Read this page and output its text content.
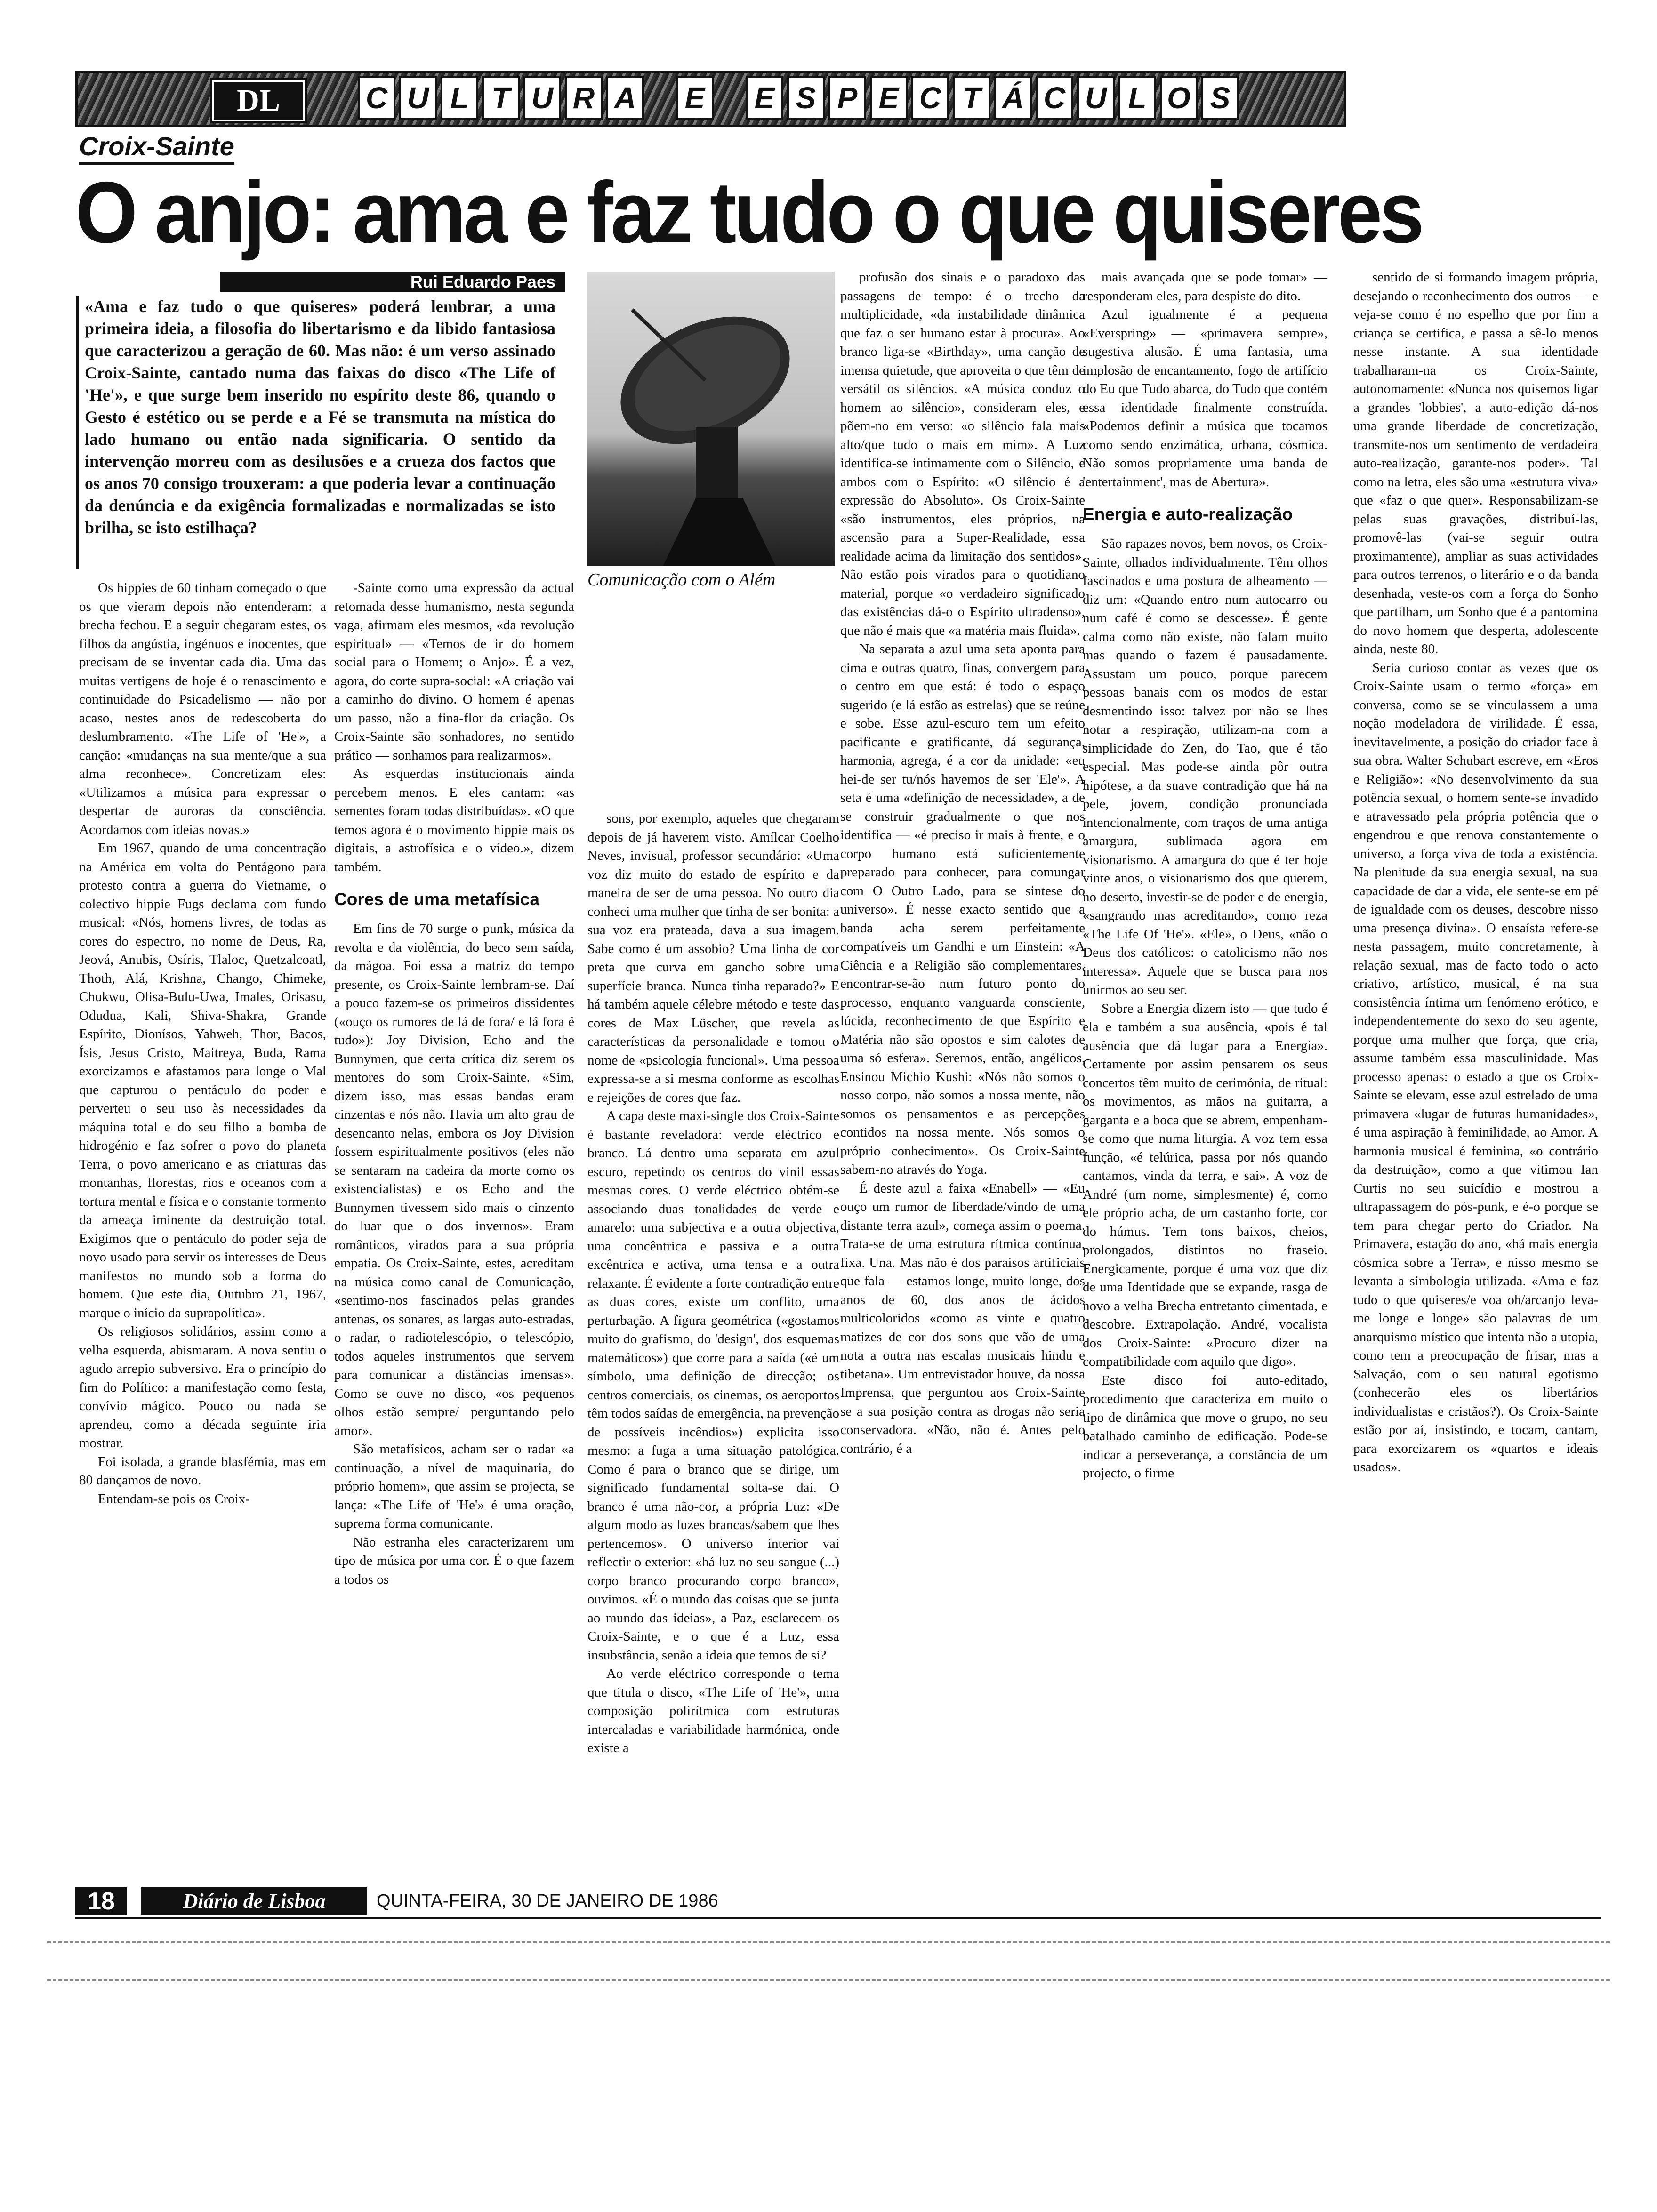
DL	C U L T U R A E E S P E C T Á C U L O S
Croix-Sainte
O anjo: ama e faz tudo o que quiseres
Rui Eduardo Paes
«Ama e faz tudo o que quiseres» poderá lembrar, a uma primeira ideia, a filosofia do libertarismo e da libido fantasiosa que caracterizou a geração de 60. Mas não: é um verso assinado Croix-Sainte, cantado numa das faixas do disco «The Life of 'He'», e que surge bem inserido no espírito deste 86, quando o Gesto é estético ou se perde e a Fé se transmuta na mística do lado humano ou então nada significaria. O sentido da intervenção morreu com as desilusões e a crueza dos factos que os anos 70 consigo trouxeram: a que poderia levar a continuação da denúncia e da exigência formalizadas e normalizadas se isto brilha, se isto estilhaça?
Comunicação com o Além

Os hippies de 60 tinham começado o que os que vieram depois não entenderam: a brecha fechou. E a seguir chegaram estes, os filhos da angústia, ingénuos e inocentes, que precisam de se inventar cada dia. Uma das muitas vertigens de hoje é o renascimento e continuidade do Psicadelismo — não por acaso, nestes anos de redescoberta do deslumbramento. «The Life of 'He'», a canção: «mudanças na sua mente/que a sua alma reconhece». Concretizam eles: «Utilizamos a música para expressar o despertar de auroras da consciência. Acordamos com ideias novas.»

Em 1967, quando de uma concentração na América em volta do Pentágono para protesto contra a guerra do Vietname, o colectivo hippie Fugs declama com fundo musical: «Nós, homens livres, de todas as cores do espectro, no nome de Deus, Ra, Jeová, Anubis, Osíris, Tlaloc, Quetzalcoatl, Thoth, Alá, Krishna, Chango, Chimeke, Chukwu, Olisa-Bulu-Uwa, Imales, Orisasu, Odudua, Kali, Shiva-Shakra, Grande Espírito, Dionísos, Yahweh, Thor, Bacos, Ísis, Jesus Cristo, Maitreya, Buda, Rama exorcizamos e afastamos para longe o Mal que capturou o pentáculo do poder e perverteu o seu uso às necessidades da máquina total e do seu filho a bomba de hidrogénio e faz sofrer o povo do planeta Terra, o povo americano e as criaturas das montanhas, florestas, rios e oceanos com a tortura mental e física e o constante tormento da ameaça iminente da destruição total. Exigimos que o pentáculo do poder seja de novo usado para servir os interesses de Deus manifestos no mundo sob a forma do homem. Que este dia, Outubro 21, 1967, marque o início da suprapolítica».

Os religiosos solidários, assim como a velha esquerda, abismaram. A nova sentiu o agudo arrepio subversivo. Era o princípio do fim do Político: a manifestação como festa, convívio mágico. Pouco ou nada se aprendeu, como a década seguinte iria mostrar.

Foi isolada, a grande blasfémia, mas em 80 dançamos de novo.

Entendam-se pois os Croix-

-Sainte como uma expressão da actual retomada desse humanismo, nesta segunda vaga, afirmam eles mesmos, «da revolução espiritual» — «Temos de ir do homem social para o Homem; o Anjo». É a vez, agora, do corte supra-social: «A criação vai a caminho do divino. O homem é apenas um passo, não a fina-flor da criação. Os Croix-Sainte são sonhadores, no sentido prático — sonhamos para realizarmos».

As esquerdas institucionais ainda percebem menos. E eles cantam: «as sementes foram todas distribuídas». «O que temos agora é o movimento hippie mais os digitais, a astrofísica e o vídeo.», dizem também.

Cores de uma metafísica

Em fins de 70 surge o punk, música da revolta e da violência, do beco sem saída, da mágoa. Foi essa a matriz do tempo presente, os Croix-Sainte lembram-se. Daí a pouco fazem-se os primeiros dissidentes («ouço os rumores de lá de fora/ e lá fora é tudo»): Joy Division, Echo and the Bunnymen, que certa crítica diz serem os mentores do som Croix-Sainte. «Sim, dizem isso, mas essas bandas eram cinzentas e nós não. Havia um alto grau de desencanto nelas, embora os Joy Division fossem espiritualmente positivos (eles não se sentaram na cadeira da morte como os existencialistas) e os Echo and the Bunnymen tivessem sido mais o cinzento do luar que o dos invernos». Eram românticos, virados para a sua própria empatia. Os Croix-Sainte, estes, acreditam na música como canal de Comunicação, «sentimo-nos fascinados pelas grandes antenas, os sonares, as largas auto-estradas, o radar, o radiotelescópio, o telescópio, todos aqueles instrumentos que servem para comunicar a distâncias imensas». Como se ouve no disco, «os pequenos olhos estão sempre/ perguntando pelo amor».

São metafísicos, acham ser o radar «a continuação, a nível de maquinaria, do próprio homem», que assim se projecta, se lança: «The Life of 'He'» é uma oração, suprema forma comunicante.

Não estranha eles caracterizarem um tipo de música por uma cor. É o que fazem a todos os

sons, por exemplo, aqueles que chegaram depois de já haverem visto. Amílcar Coelho Neves, invisual, professor secundário: «Uma voz diz muito do estado de espírito e da maneira de ser de uma pessoa. No outro dia conheci uma mulher que tinha de ser bonita: a sua voz era prateada, dava a sua imagem. Sabe como é um assobio? Uma linha de cor preta que curva em gancho sobre uma superfície branca. Nunca tinha reparado?» E há também aquele célebre método e teste das cores de Max Lüscher, que revela as características da personalidade e tomou o nome de «psicologia funcional». Uma pessoa expressa-se a si mesma conforme as escolhas e rejeições de cores que faz.

A capa deste maxi-single dos Croix-Sainte é bastante reveladora: verde eléctrico e branco. Lá dentro uma separata em azul escuro, repetindo os centros do vinil essas mesmas cores. O verde eléctrico obtém-se associando duas tonalidades de verde e amarelo: uma subjectiva e a outra objectiva, uma concêntrica e passiva e a outra excêntrica e activa, uma tensa e a outra relaxante. É evidente a forte contradição entre as duas cores, existe um conflito, uma perturbação. A figura geométrica («gostamos muito do grafismo, do 'design', dos esquemas matemáticos») que corre para a saída («é um símbolo, uma definição de direcção; os centros comerciais, os cinemas, os aeroportos têm todos saídas de emergência, na prevenção de possíveis incêndios») explicita isso mesmo: a fuga a uma situação patológica. Como é para o branco que se dirige, um significado fundamental solta-se daí. O branco é uma não-cor, a própria Luz: «De algum modo as luzes brancas/sabem que lhes pertencemos». O universo interior vai reflectir o exterior: «há luz no seu sangue (...) corpo branco procurando corpo branco», ouvimos. «É o mundo das coisas que se junta ao mundo das ideias», a Paz, esclarecem os Croix-Sainte, e o que é a Luz, essa insubstância, senão a ideia que temos de si?

Ao verde eléctrico corresponde o tema que titula o disco, «The Life of 'He'», uma composição polirítmica com estruturas intercaladas e variabilidade harmónica, onde existe a

profusão dos sinais e o paradoxo das passagens de tempo: é o trecho da multiplicidade, «da instabilidade dinâmica que faz o ser humano estar à procura». Ao branco liga-se «Birthday», uma canção de imensa quietude, que aproveita o que têm de versátil os silêncios. «A música conduz o homem ao silêncio», consideram eles, e põem-no em verso: «o silêncio fala mais alto/que tudo o mais em mim». A Luz identifica-se intimamente com o Silêncio, e ambos com o Espírito: «O silêncio é a expressão do Absoluto». Os Croix-Sainte «são instrumentos, eles próprios, na ascensão para a Super-Realidade, essa realidade acima da limitação dos sentidos». Não estão pois virados para o quotidiano material, porque «o verdadeiro significado das existências dá-o o Espírito ultradenso», que não é mais que «a matéria mais fluida».

Na separata a azul uma seta aponta para cima e outras quatro, finas, convergem para o centro em que está: é todo o espaço sugerido (e lá estão as estrelas) que se reúne e sobe. Esse azul-escuro tem um efeito pacificante e gratificante, dá segurança, harmonia, agrega, é a cor da unidade: «eu hei-de ser tu/nós havemos de ser 'Ele'». A seta é uma «definição de necessidade», a de se construir gradualmente o que nos identifica — «é preciso ir mais à frente, e o corpo humano está suficientemente preparado para conhecer, para comungar com O Outro Lado, para se sintese do universo». É nesse exacto sentido que a banda acha serem perfeitamente compatíveis um Gandhi e um Einstein: «A Ciência e a Religião são complementares, encontrar-se-ão num futuro ponto do processo, enquanto vanguarda consciente, lúcida, reconhecimento de que Espírito e Matéria não são opostos e sim calotes de uma só esfera». Seremos, então, angélicos. Ensinou Michio Kushi: «Nós não somos o nosso corpo, não somos a nossa mente, não somos os pensamentos e as percepções contidos na nossa mente. Nós somos o próprio conhecimento». Os Croix-Sainte sabem-no através do Yoga.

É deste azul a faixa «Enabell» — «Eu ouço um rumor de liberdade/vindo de uma distante terra azul», começa assim o poema. Trata-se de uma estrutura rítmica contínua, fixa. Una. Mas não é dos paraísos artificiais que fala — estamos longe, muito longe, dos anos de 60, dos anos de ácidos multicoloridos «como as vinte e quatro matizes de cor dos sons que vão de uma nota a outra nas escalas musicais hindu e tibetana». Um entrevistador houve, da nossa Imprensa, que perguntou aos Croix-Sainte se a sua posição contra as drogas não seria conservadora. «Não, não é. Antes pelo contrário, é a

mais avançada que se pode tomar» — responderam eles, para despiste do dito.

Azul igualmente é a pequena «Everspring» — «primavera sempre», sugestiva alusão. É uma fantasia, uma implosão de encantamento, fogo de artifício do Eu que Tudo abarca, do Tudo que contém essa identidade finalmente construída. «Podemos definir a música que tocamos como sendo enzimática, urbana, cósmica. Não somos propriamente uma banda de 'entertainment', mas de Abertura».

Energia e auto-realização

São rapazes novos, bem novos, os Croix-Sainte, olhados individualmente. Têm olhos fascinados e uma postura de alheamento — diz um: «Quando entro num autocarro ou num café é como se descesse». É gente calma como não existe, não falam muito mas quando o fazem é pausadamente. Assustam um pouco, porque parecem pessoas banais com os modos de estar desmentindo isso: talvez por não se lhes notar a respiração, utilizam-na com a simplicidade do Zen, do Tao, que é tão especial. Mas pode-se ainda pôr outra hipótese, a da suave contradição que há na pele, jovem, condição pronunciada intencionalmente, com traços de uma antiga amargura, sublimada agora em visionarismo. A amargura do que é ter hoje vinte anos, o visionarismo dos que querem, no deserto, investir-se de poder e de energia, «sangrando mas acreditando», como reza «The Life Of 'He'». «Ele», o Deus, «não o Deus dos católicos: o catolicismo não nos interessa». Aquele que se busca para nos unirmos ao seu ser.

Sobre a Energia dizem isto — que tudo é ela e também a sua ausência, «pois é tal ausência que dá lugar para a Energia». Certamente por assim pensarem os seus concertos têm muito de cerimónia, de ritual: os movimentos, as mãos na guitarra, a garganta e a boca que se abrem, empenham-se como que numa liturgia. A voz tem essa função, «é telúrica, passa por nós quando cantamos, vinda da terra, e sai». A voz de André (um nome, simplesmente) é, como ele próprio acha, de um castanho forte, cor do húmus. Tem tons baixos, cheios, prolongados, distintos no fraseio. Energicamente, porque é uma voz que diz de uma Identidade que se expande, rasga de novo a velha Brecha entretanto cimentada, e descobre. Extrapolação. André, vocalista dos Croix-Sainte: «Procuro dizer na compatibilidade com aquilo que digo».

Este disco foi auto-editado, procedimento que caracteriza em muito o tipo de dinâmica que move o grupo, no seu batalhado caminho de edificação. Pode-se indicar a perseverança, a constância de um projecto, o firme

sentido de si formando imagem própria, desejando o reconhecimento dos outros — e veja-se como é no espelho que por fim a criança se certifica, e passa a sê-lo menos nesse instante. A sua identidade trabalharam-na os Croix-Sainte, autonomamente: «Nunca nos quisemos ligar a grandes 'lobbies', a auto-edição dá-nos uma grande liberdade de concretização, transmite-nos um sentimento de verdadeira auto-realização, garante-nos poder». Tal como na letra, eles são uma «estrutura viva» que «faz o que quer». Responsabilizam-se pelas suas gravações, distribuí-las, promovê-las (vai-se seguir outra proximamente), ampliar as suas actividades para outros terrenos, o literário e o da banda desenhada, veste-os com a força do Sonho que partilham, um Sonho que é a pantomina do novo homem que desperta, adolescente ainda, neste 80.

Seria curioso contar as vezes que os Croix-Sainte usam o termo «força» em conversa, como se se vinculassem a uma noção modeladora de virilidade. É essa, inevitavelmente, a posição do criador face à sua obra. Walter Schubart escreve, em «Eros e Religião»: «No desenvolvimento da sua potência sexual, o homem sente-se invadido e atravessado pela própria potência que o engendrou e que renova constantemente o universo, a força viva de toda a existência. Na plenitude da sua energia sexual, na sua capacidade de dar a vida, ele sente-se em pé de igualdade com os deuses, descobre nisso uma presença divina». O ensaísta refere-se nesta passagem, muito concretamente, à relação sexual, mas de facto todo o acto criativo, artístico, musical, é na sua consistência íntima um fenómeno erótico, e independentemente do sexo do seu agente, porque uma mulher que força, que cria, assume também essa masculinidade. Mas processo apenas: o estado a que os Croix-Sainte se elevam, esse azul estrelado de uma primavera «lugar de futuras humanidades», é uma aspiração à feminilidade, ao Amor. A harmonia musical é feminina, «o contrário da destruição», como a que vitimou Ian Curtis no seu suicídio e mostrou a ultrapassagem do pós-punk, e é-o porque se tem para chegar perto do Criador. Na Primavera, estação do ano, «há mais energia cósmica sobre a Terra», e nisso mesmo se levanta a simbologia utilizada. «Ama e faz tudo o que quiseres/e voa oh/arcanjo leva-me longe e longe» são palavras de um anarquismo místico que intenta não a utopia, como tem a preocupação de frisar, mas a Salvação, com o seu natural egotismo (conhecerão eles os libertários individualistas e cristãos?). Os Croix-Sainte estão por aí, insistindo, e tocam, cantam, para exorcizarem os «quartos e ideais usados».

18	Diário de Lisboa	QUINTA-FEIRA, 30 DE JANEIRO DE 1986
